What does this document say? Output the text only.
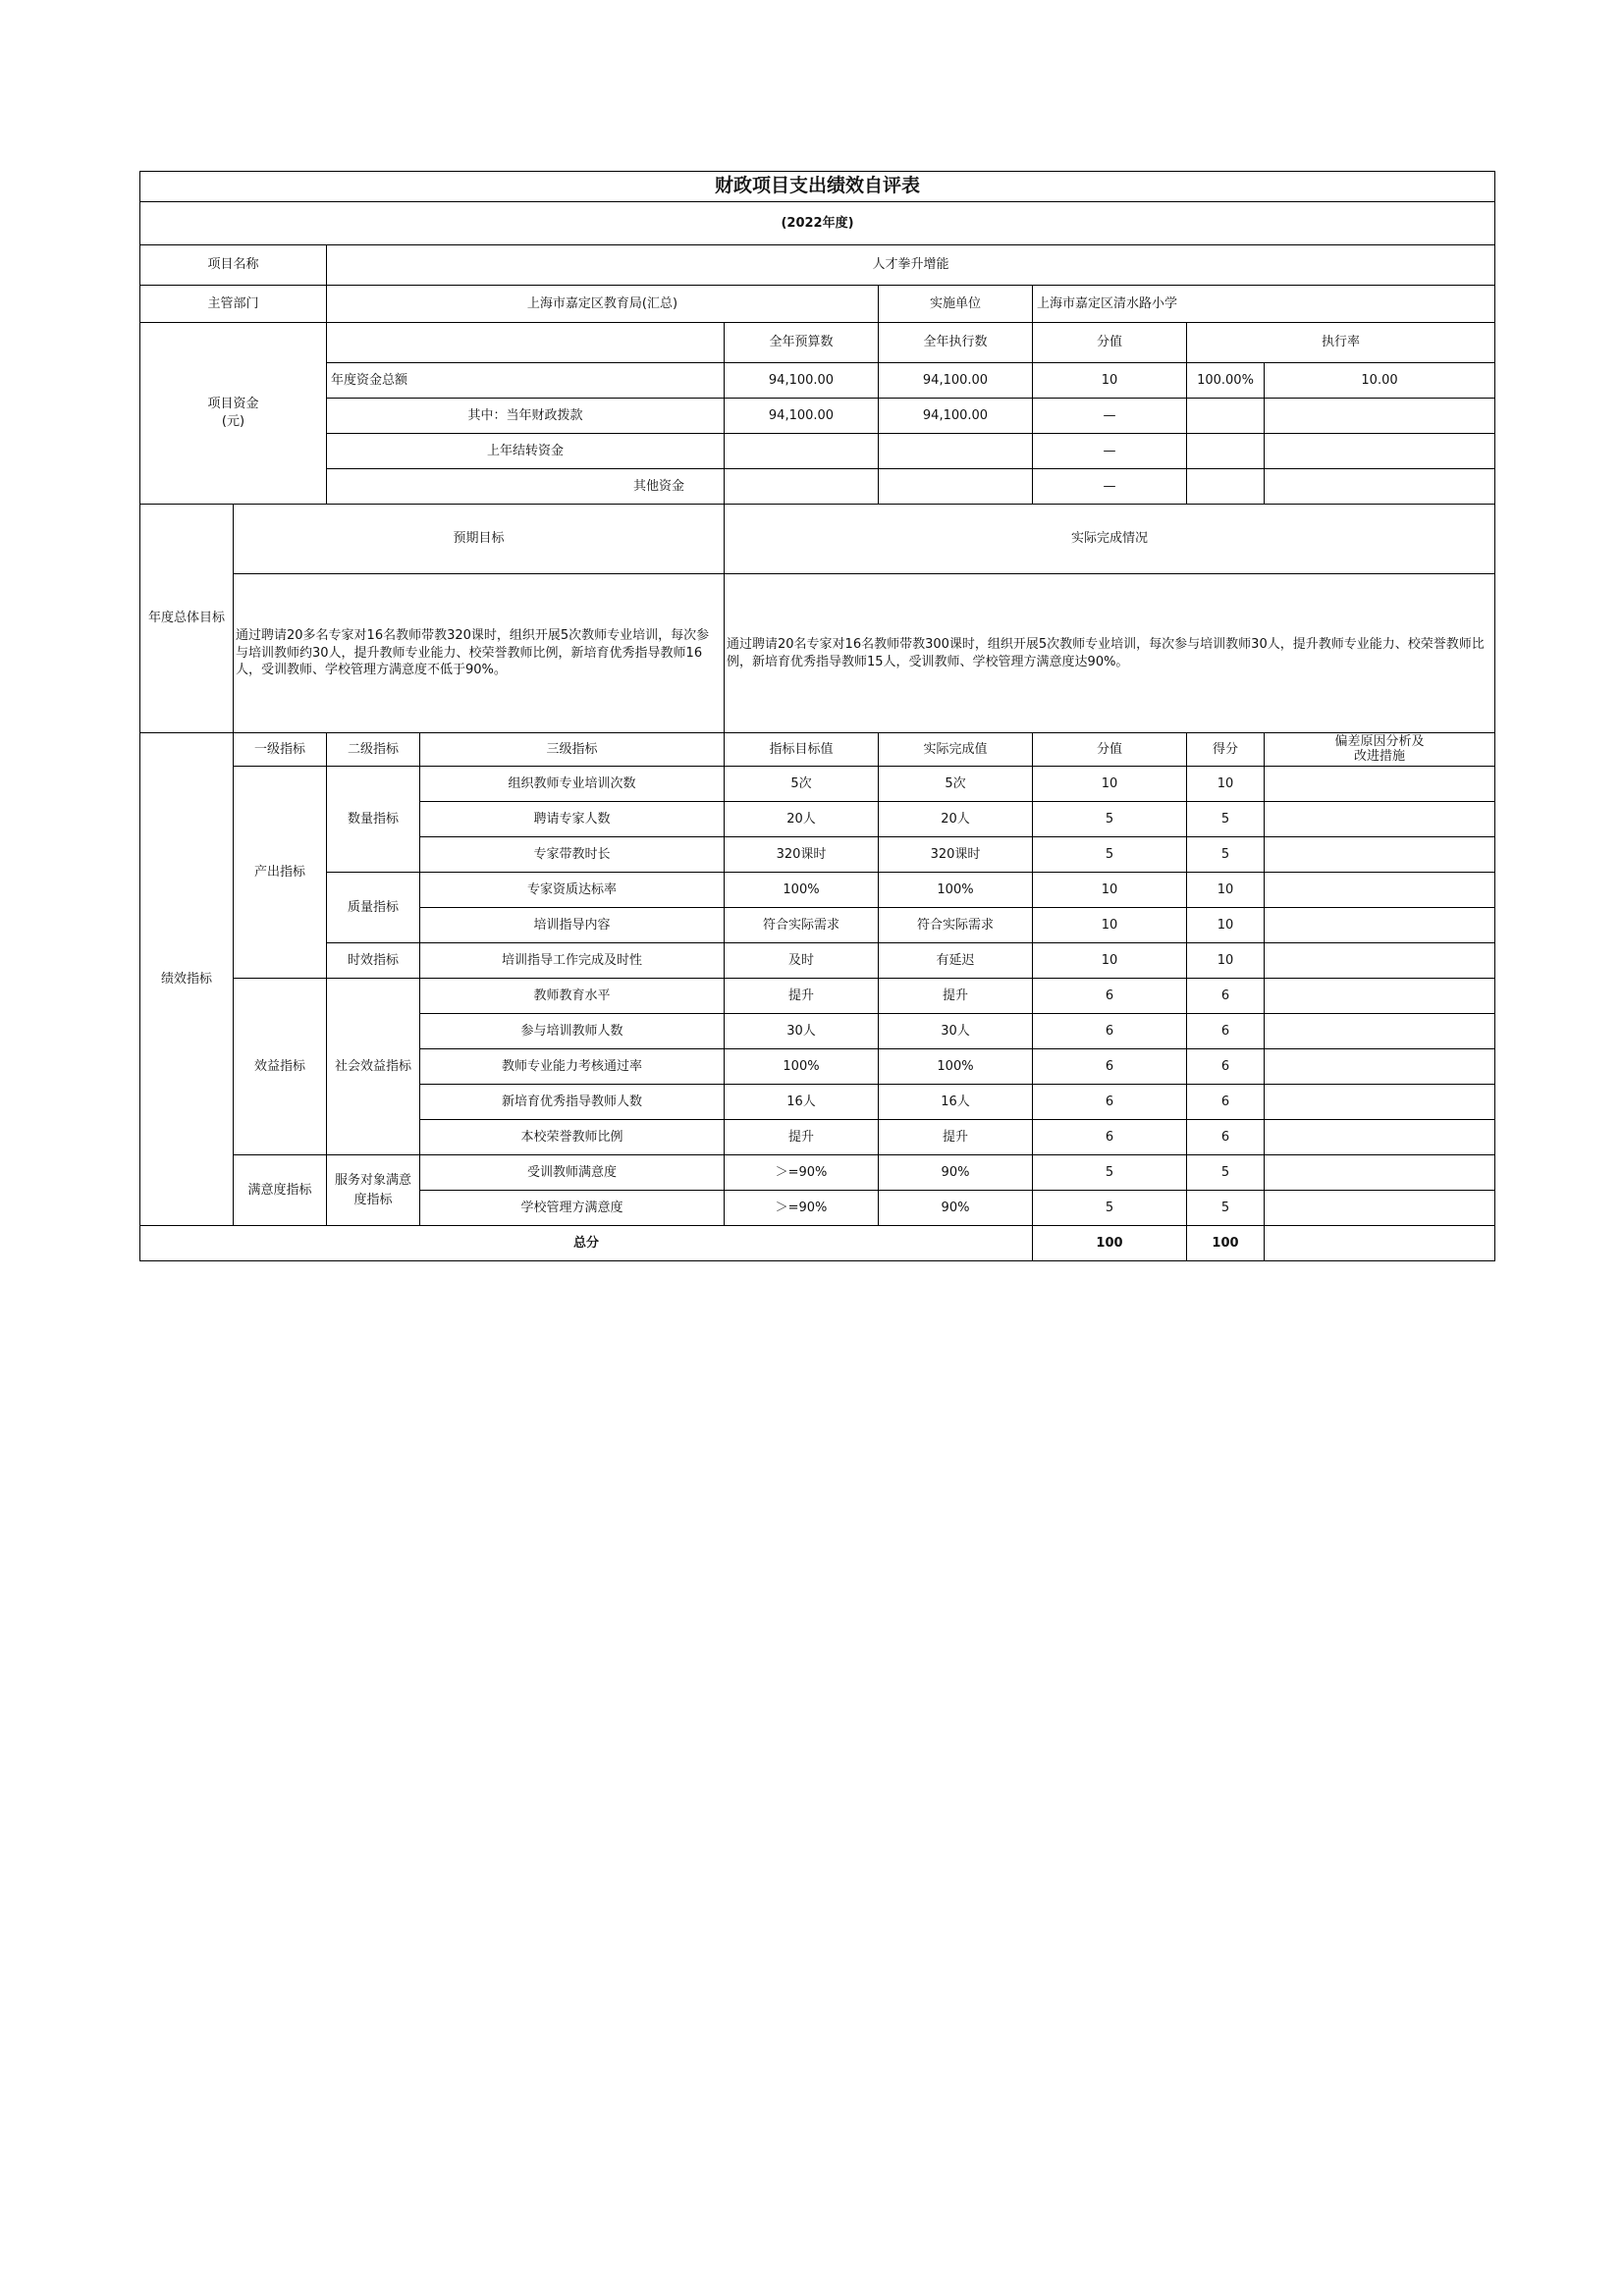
财政项目支出绩效自评表								
(2022年度)								
项目名称		人才拳升增能						
主管部门		上海市嘉定区教育局(汇总)			实施单位	上海市嘉定区清水路小学		
项目资金
(元)				全年预算数	全年执行数	分值	执行率	
		年度资金总额		94,100.00	94,100.00	10	100.00%	10.00
		其中：当年财政拨款		94,100.00	94,100.00	—		
		上年结转资金				—		
		其他资金				—		
年度总体目标	预期目标			实际完成情况				
	通过聘请20多名专家对16名教师带教320课时，组织开展5次教师专业培训，每次参与培训教师约30人，提升教师专业能力、校荣誉教师比例，新培育优秀指导教师16人，受训教师、学校管理方满意度不低于90%。			通过聘请20名专家对16名教师带教300课时，组织开展5次教师专业培训，每次参与培训教师30人，提升教师专业能力、校荣誉教师比例，新培育优秀指导教师15人，受训教师、学校管理方满意度达90%。				
绩效指标	一级指标	二级指标	三级指标	指标目标值	实际完成值	分值	得分	偏差原因分析及
改进措施
	产出指标	数量指标	组织教师专业培训次数	5次	5次	10	10	
			聘请专家人数	20人	20人	5	5	
			专家带教时长	320课时	320课时	5	5	
		质量指标	专家资质达标率	100%	100%	10	10	
			培训指导内容	符合实际需求	符合实际需求	10	10	
		时效指标	培训指导工作完成及时性	及时	有延迟	10	10	
	效益指标	社会效益指标	教师教育水平	提升	提升	6	6	
			参与培训教师人数	30人	30人	6	6	
			教师专业能力考核通过率	100%	100%	6	6	
			新培育优秀指导教师人数	16人	16人	6	6	
			本校荣誉教师比例	提升	提升	6	6	
	满意度指标	服务对象满意度指标	受训教师满意度	＞=90%	90%	5	5	
			学校管理方满意度	＞=90%	90%	5	5	
总分						100	100	
